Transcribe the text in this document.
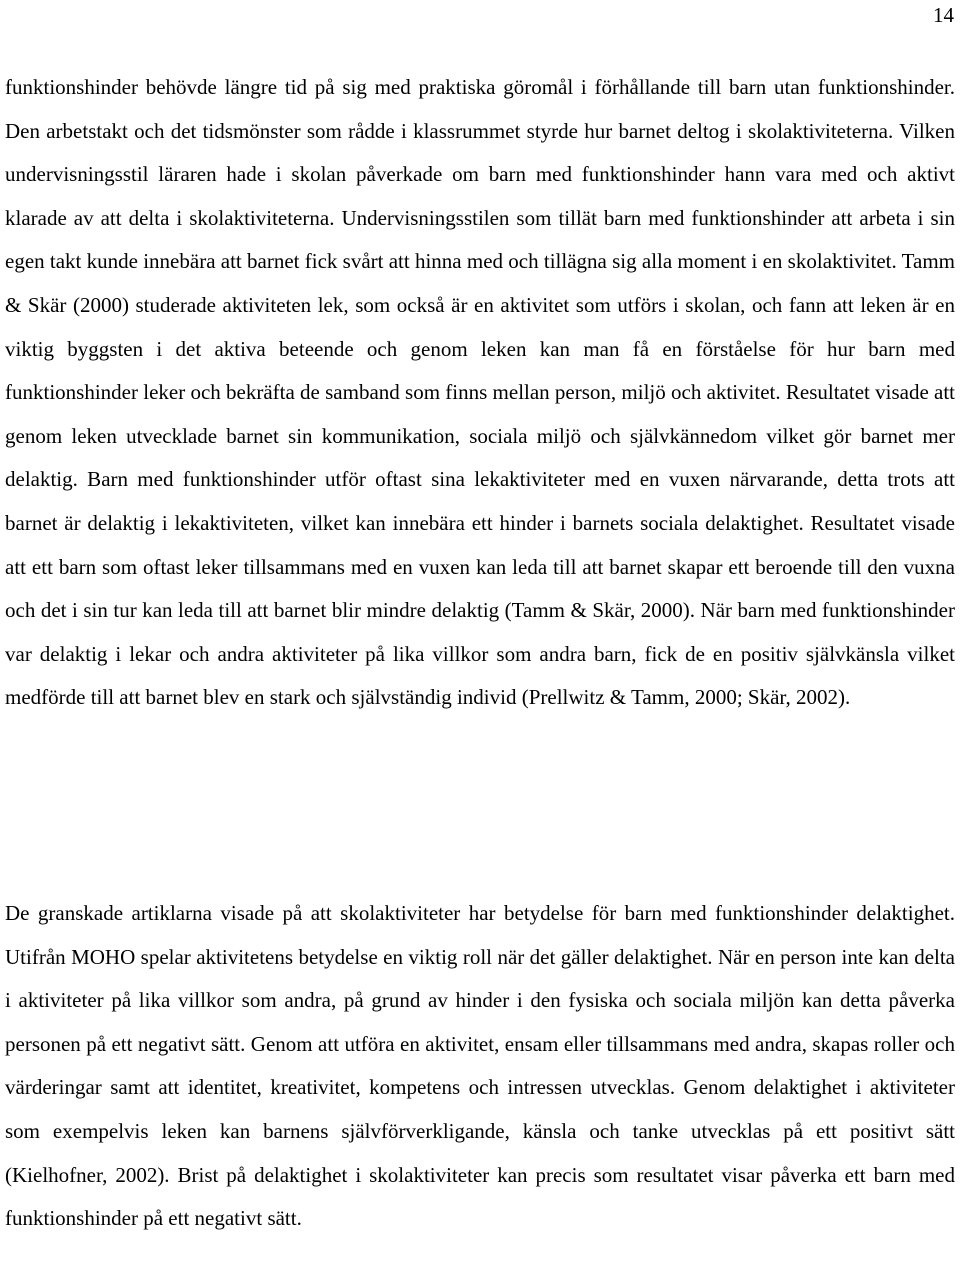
14

funktionshinder behövde längre tid på sig med praktiska göromål i förhållande till barn utan funktionshinder. Den arbetstakt och det tidsmönster som rådde i klassrummet styrde hur barnet deltog i skolaktiviteterna. Vilken undervisningsstil läraren hade i skolan påverkade om barn med funktionshinder hann vara med och aktivt klarade av att delta i skolaktiviteterna. Undervisningsstilen som tillät barn med funktionshinder att arbeta i sin egen takt kunde innebära att barnet fick svårt att hinna med och tillägna sig alla moment i en skolaktivitet. Tamm & Skär (2000) studerade aktiviteten lek, som också är en aktivitet som utförs i skolan, och fann att leken är en viktig byggsten i det aktiva beteende och genom leken kan man få en förståelse för hur barn med funktionshinder leker och bekräfta de samband som finns mellan person, miljö och aktivitet. Resultatet visade att genom leken utvecklade barnet sin kommunikation, sociala miljö och självkännedom vilket gör barnet mer delaktig. Barn med funktionshinder utför oftast sina lekaktiviteter med en vuxen närvarande, detta trots att barnet är delaktig i lekaktiviteten, vilket kan innebära ett hinder i barnets sociala delaktighet. Resultatet visade att ett barn som oftast leker tillsammans med en vuxen kan leda till att barnet skapar ett beroende till den vuxna och det i sin tur kan leda till att barnet blir mindre delaktig (Tamm & Skär, 2000). När barn med funktionshinder var delaktig i lekar och andra aktiviteter på lika villkor som andra barn, fick de en positiv självkänsla vilket medförde till att barnet blev en stark och självständig individ (Prellwitz & Tamm, 2000; Skär, 2002).

De granskade artiklarna visade på att skolaktiviteter har betydelse för barn med funktionshinder delaktighet. Utifrån MOHO spelar aktivitetens betydelse en viktig roll när det gäller delaktighet. När en person inte kan delta i aktiviteter på lika villkor som andra, på grund av hinder i den fysiska och sociala miljön kan detta påverka personen på ett negativt sätt. Genom att utföra en aktivitet, ensam eller tillsammans med andra, skapas roller och värderingar samt att identitet, kreativitet, kompetens och intressen utvecklas. Genom delaktighet i aktiviteter som exempelvis leken kan barnens självförverkligande, känsla och tanke utvecklas på ett positivt sätt (Kielhofner, 2002). Brist på delaktighet i skolaktiviteter kan precis som resultatet visar påverka ett barn med funktionshinder på ett negativt sätt.
